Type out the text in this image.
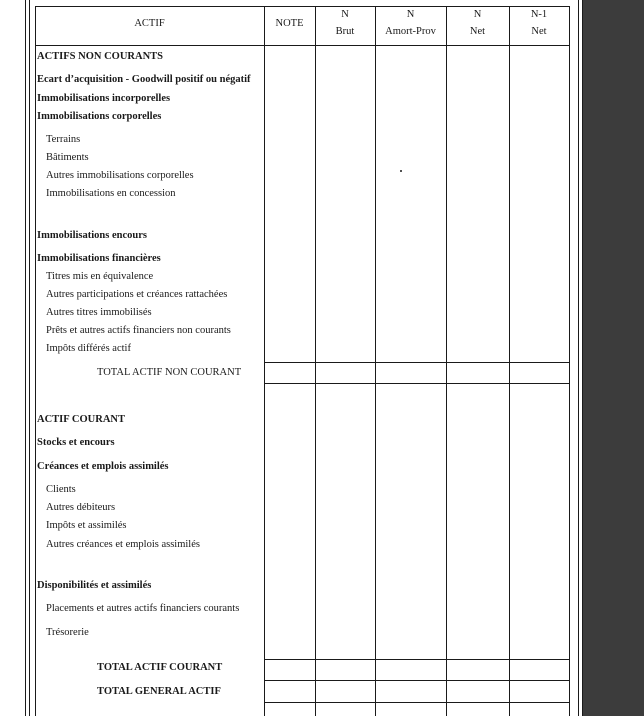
ACTIF	NOTE
N
Brut
N
Amort-Prov
N
Net
N-1
Net
ACTIFS NON COURANTS
Ecart d’acquisition - Goodwill positif ou négatif
Immobilisations incorporelles
Immobilisations corporelles
Terrains
Bâtiments
Autres immobilisations corporelles
Immobilisations en concession
Immobilisations encours
Immobilisations financières
Titres mis en équivalence
Autres participations et créances rattachées
Autres titres immobilisés
Prêts et autres actifs financiers non courants
Impôts différés actif
TOTAL ACTIF NON COURANT
ACTIF COURANT
Stocks et encours
Créances et emplois assimilés
Clients
Autres débiteurs
Impôts et assimilés
Autres créances et emplois assimilés
Disponibilités et assimilés
Placements et autres actifs financiers courants
Trésorerie
TOTAL ACTIF COURANT
TOTAL GENERAL ACTIF
